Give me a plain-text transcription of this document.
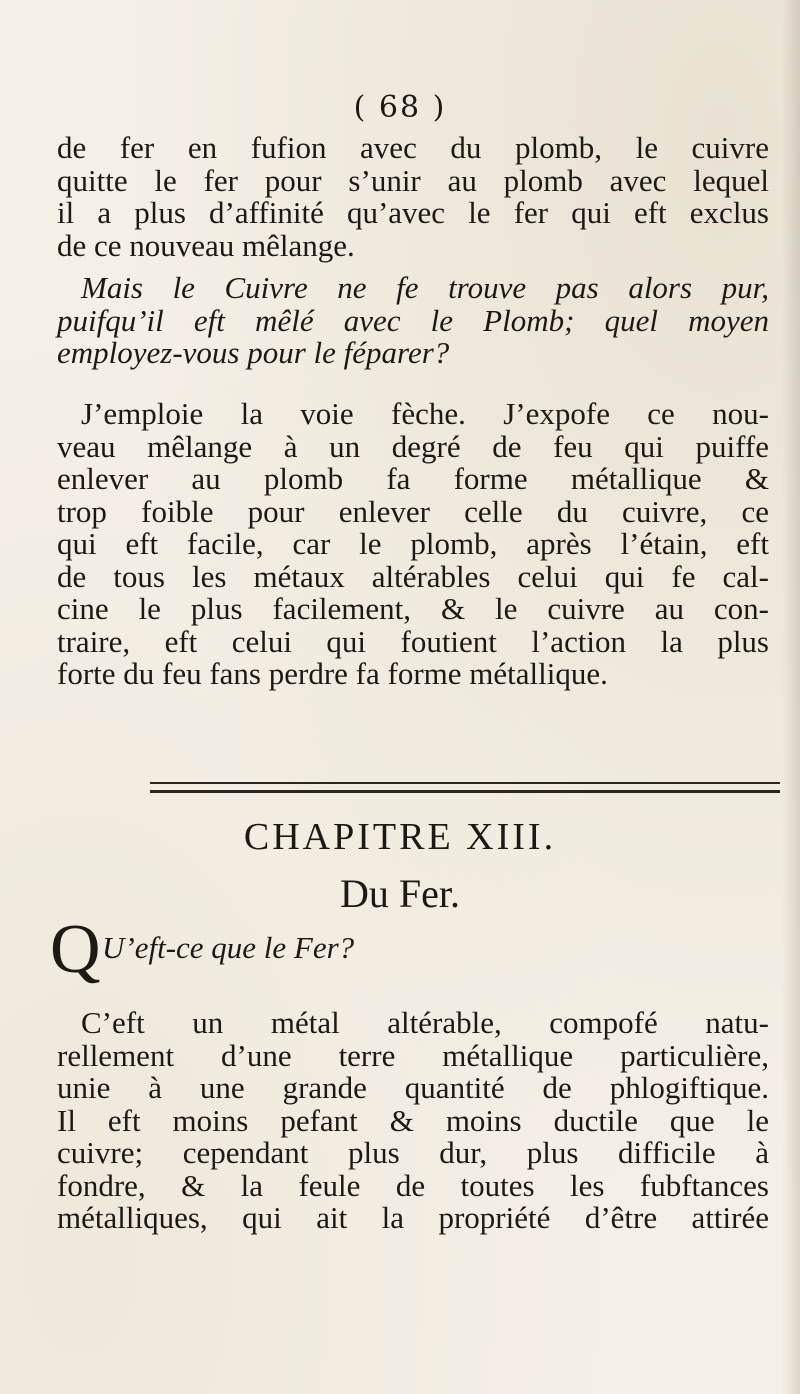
( 68 )
de fer en fufion avec du plomb, le cuivre
quitte le fer pour s’unir au plomb avec lequel
il a plus d’affinité qu’avec le fer qui eft exclus
de ce nouveau mêlange.
Mais le Cuivre ne fe trouve pas alors pur,
puifqu’il eft mêlé avec le Plomb; quel moyen
employez-vous pour le féparer?
J’emploie la voie fèche. J’expofe ce nou-
veau mêlange à un degré de feu qui puiffe
enlever au plomb fa forme métallique &
trop foible pour enlever celle du cuivre, ce
qui eft facile, car le plomb, après l’étain, eft
de tous les métaux altérables celui qui fe cal-
cine le plus facilement, & le cuivre au con-
traire, eft celui qui foutient l’action la plus
forte du feu fans perdre fa forme métallique.
CHAPITRE XIII.
Du Fer.
Q U’eft-ce que le Fer?
C’eft un métal altérable, compofé natu-
rellement d’une terre métallique particulière,
unie à une grande quantité de phlogiftique.
Il eft moins pefant & moins ductile que le
cuivre; cependant plus dur, plus difficile à
fondre, & la feule de toutes les fubftances
métalliques, qui ait la propriété d’être attirée
